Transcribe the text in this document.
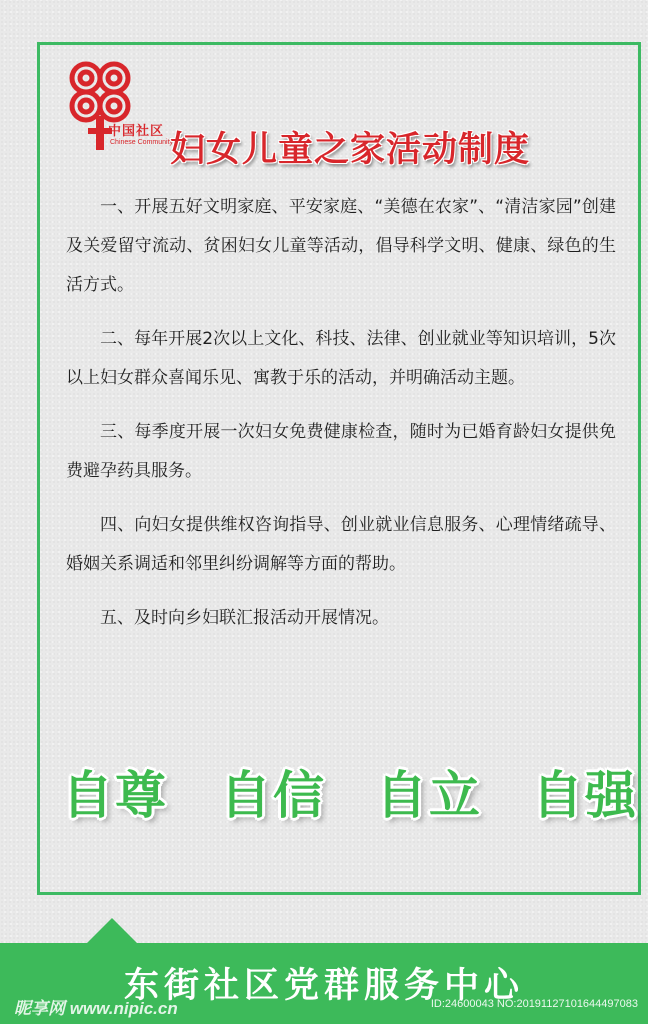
中国社区
Chinese Community
妇女儿童之家活动制度

一、开展五好文明家庭、平安家庭、“美德在农家”、“清洁家园”创建及关爱留守流动、贫困妇女儿童等活动，倡导科学文明、健康、绿色的生活方式。

二、每年开展2次以上文化、科技、法律、创业就业等知识培训，5次以上妇女群众喜闻乐见、寓教于乐的活动，并明确活动主题。

三、每季度开展一次妇女免费健康检查，随时为已婚育龄妇女提供免费避孕药具服务。

四、向妇女提供维权咨询指导、创业就业信息服务、心理情绪疏导、婚姻关系调适和邻里纠纷调解等方面的帮助。

五、及时向乡妇联汇报活动开展情况。

自尊 自信 自立 自强
东街社区党群服务中心
昵享网 www.nipic.cn	ID:24600043 NO:20191127101644497083
